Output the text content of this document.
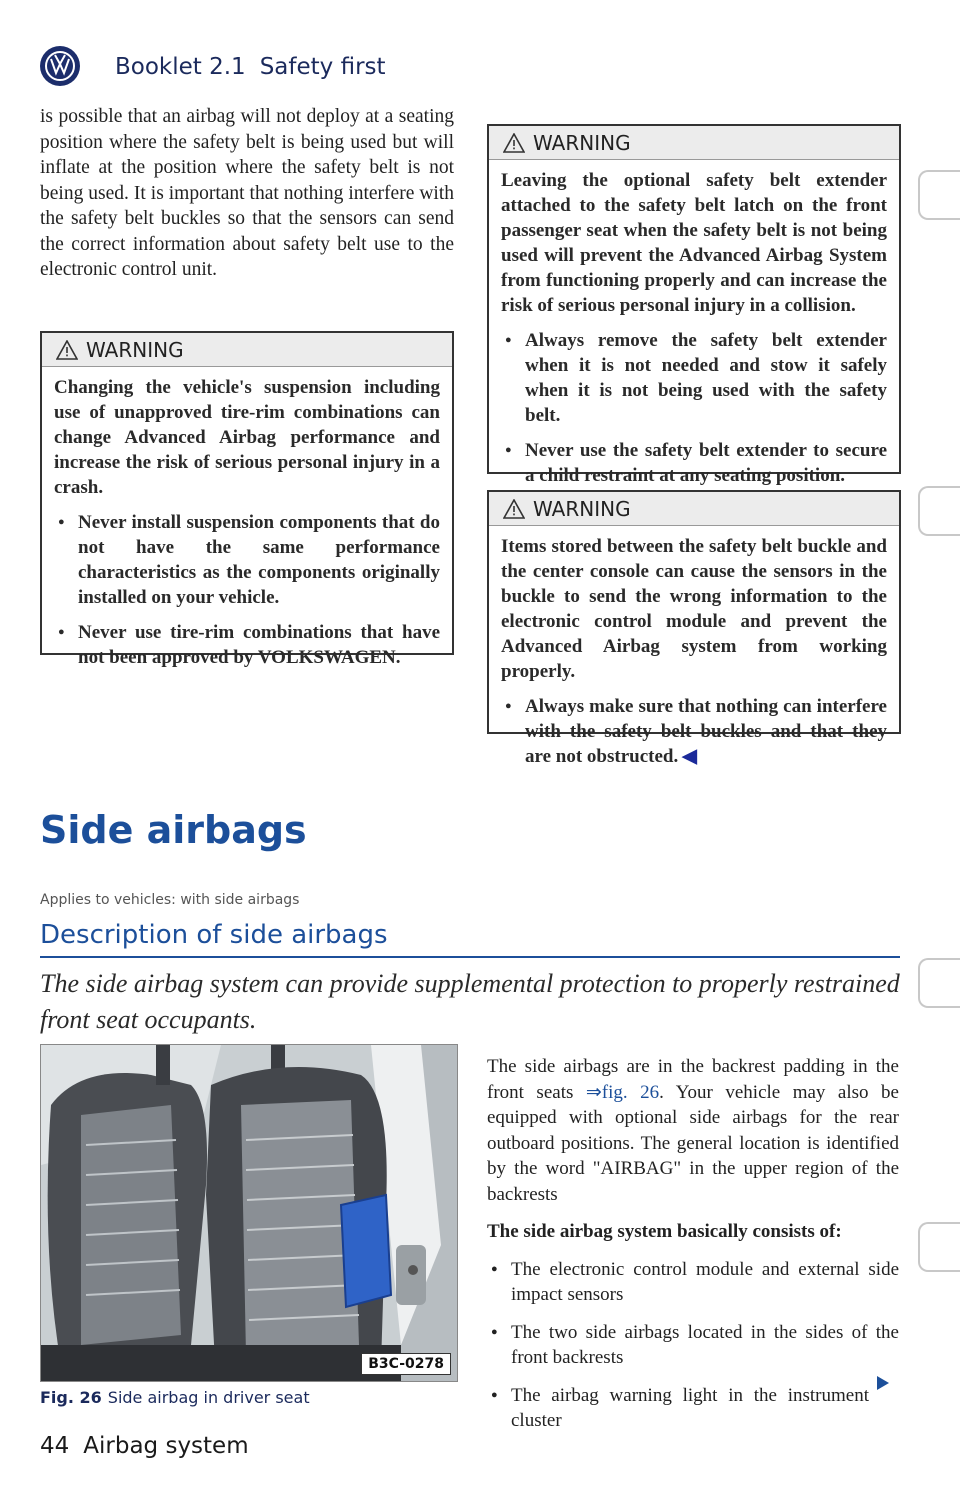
Booklet 2.1 Safety first

is possible that an airbag will not deploy at a seating position where the safety belt is being used but will inflate at the position where the safety belt is not being used. It is important that nothing interfere with the safety belt buckles so that the sensors can send the correct information about safety belt use to the electronic control unit.

WARNING

Changing the vehicle's suspension including use of unapproved tire-rim combinations can change Advanced Airbag performance and increase the risk of serious personal injury in a crash.

● Never install suspension components that do not have the same performance characteristics as the components originally installed on your vehicle.

● Never use tire-rim combinations that have not been approved by VOLKSWAGEN.

WARNING

Leaving the optional safety belt extender attached to the safety belt latch on the front passenger seat when the safety belt is not being used will prevent the Advanced Airbag System from functioning properly and can increase the risk of serious personal injury in a collision.

● Always remove the safety belt extender when it is not needed and stow it safely when it is not being used with the safety belt.

● Never use the safety belt extender to secure a child restraint at any seating position.

WARNING

Items stored between the safety belt buckle and the center console can cause the sensors in the buckle to send the wrong information to the electronic control module and prevent the Advanced Airbag system from working properly.

● Always make sure that nothing can interfere with the safety belt buckles and that they are not obstructed. ◀

Side airbags
Applies to vehicles: with side airbags
Description of side airbags
The side airbag system can provide supplemental protection to properly restrained front seat occupants.
B3C-0278
Fig. 26 Side airbag in driver seat

The side airbags are in the backrest padding in the front seats ⇒fig. 26. Your vehicle may also be equipped with optional side airbags for the rear outboard positions. The general location is identified by the word "AIRBAG" in the upper region of the backrests

The side airbag system basically consists of:

● The electronic control module and external side impact sensors

● The two side airbags located in the sides of the front backrests

● The airbag warning light in the instrument cluster

44 Airbag system
